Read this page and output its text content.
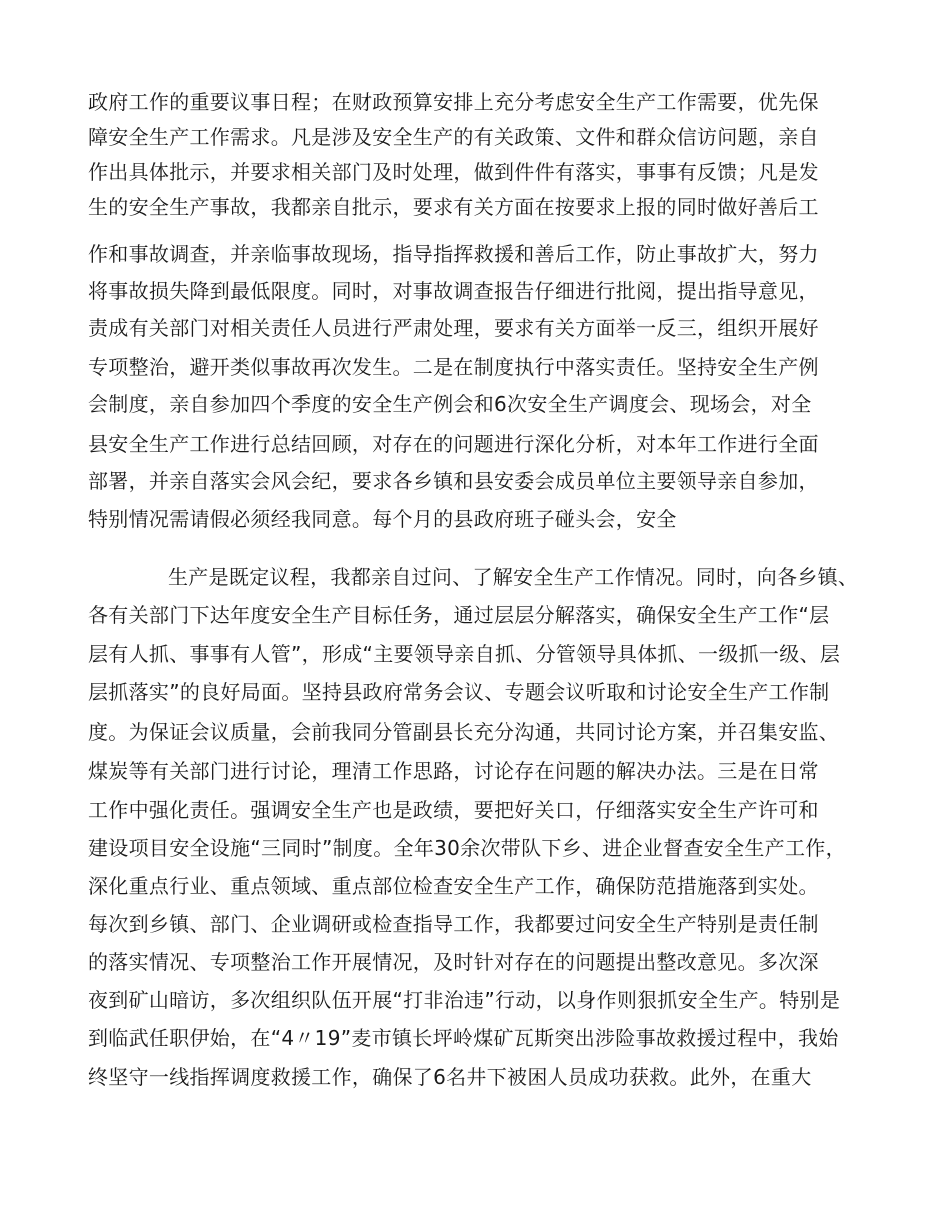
政府工作的重要议事日程；在财政预算安排上充分考虑安全生产工作需要，优先保
障安全生产工作需求。凡是涉及安全生产的有关政策、文件和群众信访问题，亲自
作出具体批示，并要求相关部门及时处理，做到件件有落实，事事有反馈；凡是发
生的安全生产事故，我都亲自批示，要求有关方面在按要求上报的同时做好善后工
作和事故调查，并亲临事故现场，指导指挥救援和善后工作，防止事故扩大，努力
将事故损失降到最低限度。同时，对事故调查报告仔细进行批阅，提出指导意见，
责成有关部门对相关责任人员进行严肃处理，要求有关方面举一反三，组织开展好
专项整治，避开类似事故再次发生。二是在制度执行中落实责任。坚持安全生产例
会制度，亲自参加四个季度的安全生产例会和6次安全生产调度会、现场会，对全
县安全生产工作进行总结回顾，对存在的问题进行深化分析，对本年工作进行全面
部署，并亲自落实会风会纪，要求各乡镇和县安委会成员单位主要领导亲自参加，
特别情况需请假必须经我同意。每个月的县政府班子碰头会，安全
生产是既定议程，我都亲自过问、了解安全生产工作情况。同时，向各乡镇、
各有关部门下达年度安全生产目标任务，通过层层分解落实，确保安全生产工作“层
层有人抓、事事有人管”，形成“主要领导亲自抓、分管领导具体抓、一级抓一级、层
层抓落实”的良好局面。坚持县政府常务会议、专题会议听取和讨论安全生产工作制
度。为保证会议质量，会前我同分管副县长充分沟通，共同讨论方案，并召集安监、
煤炭等有关部门进行讨论，理清工作思路，讨论存在问题的解决办法。三是在日常
工作中强化责任。强调安全生产也是政绩，要把好关口，仔细落实安全生产许可和
建设项目安全设施“三同时”制度。全年30余次带队下乡、进企业督查安全生产工作，
深化重点行业、重点领域、重点部位检查安全生产工作，确保防范措施落到实处。
每次到乡镇、部门、企业调研或检查指导工作，我都要过问安全生产特别是责任制
的落实情况、专项整治工作开展情况，及时针对存在的问题提出整改意见。多次深
夜到矿山暗访，多次组织队伍开展“打非治违”行动，以身作则狠抓安全生产。特别是
到临武任职伊始，在“4〃19”麦市镇长坪岭煤矿瓦斯突出涉险事故救援过程中，我始
终坚守一线指挥调度救援工作，确保了6名井下被困人员成功获救。此外，在重大
